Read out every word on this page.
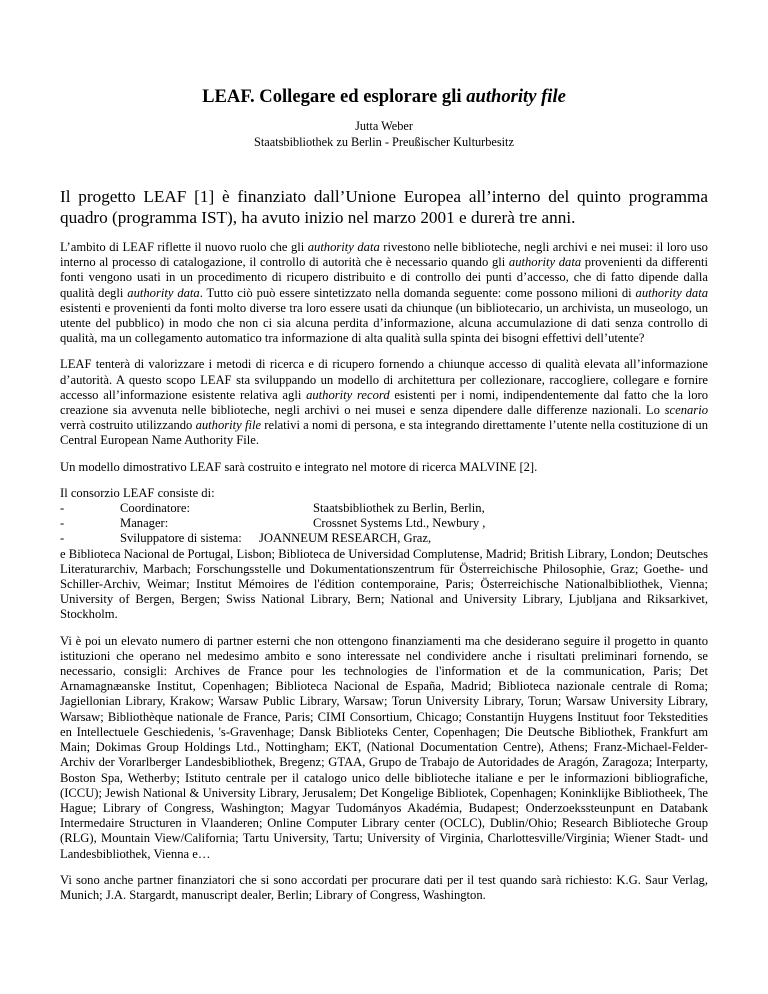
LEAF. Collegare ed esplorare gli authority file
Jutta Weber
Staatsbibliothek zu Berlin - Preußischer Kulturbesitz

Il progetto LEAF [1] è finanziato dall’Unione Europea all’interno del quinto programma quadro (programma IST), ha avuto inizio nel marzo 2001 e durerà tre anni.

L’ambito di LEAF riflette il nuovo ruolo che gli authority data rivestono nelle biblioteche, negli archivi e nei musei: il loro uso interno al processo di catalogazione, il controllo di autorità che è necessario quando gli authority data provenienti da differenti fonti vengono usati in un procedimento di ricupero distribuito e di controllo dei punti d’accesso, che di fatto dipende dalla qualità degli authority data. Tutto ciò può essere sintetizzato nella domanda seguente: come possono milioni di authority data esistenti e provenienti da fonti molto diverse tra loro essere usati da chiunque (un bibliotecario, un archivista, un museologo, un utente del pubblico) in modo che non ci sia alcuna perdita d’informazione, alcuna accumulazione di dati senza controllo di qualità, ma un collegamento automatico tra informazione di alta qualità sulla spinta dei bisogni effettivi dell’utente?

LEAF tenterà di valorizzare i metodi di ricerca e di ricupero fornendo a chiunque accesso di qualità elevata all’informazione d’autorità. A questo scopo LEAF sta sviluppando un modello di architettura per collezionare, raccogliere, collegare e fornire accesso all’informazione esistente relativa agli authority record esistenti per i nomi, indipendentemente dal fatto che la loro creazione sia avvenuta nelle biblioteche, negli archivi o nei musei e senza dipendere dalle differenze nazionali. Lo scenario verrà costruito utilizzando authority file relativi a nomi di persona, e sta integrando direttamente l’utente nella costituzione di un Central European Name Authority File.

Un modello dimostrativo LEAF sarà costruito e integrato nel motore di ricerca MALVINE [2].

Il consorzio LEAF consiste di:
-	Coordinatore:	Staatsbibliothek zu Berlin, Berlin,
-	Manager:	Crossnet Systems Ltd., Newbury ,
-	Sviluppatore di sistema:	JOANNEUM RESEARCH, Graz,

e Biblioteca Nacional de Portugal, Lisbon; Biblioteca de Universidad Complutense, Madrid; British Library, London; Deutsches Literaturarchiv, Marbach; Forschungsstelle und Dokumentationszentrum für Österreichische Philosophie, Graz; Goethe- und Schiller-Archiv, Weimar; Institut Mémoires de l'édition contemporaine, Paris; Österreichische Nationalbibliothek, Vienna; University of Bergen, Bergen; Swiss National Library, Bern; National and University Library, Ljubljana and Riksarkivet, Stockholm.

Vi è poi un elevato numero di partner esterni che non ottengono finanziamenti ma che desiderano seguire il progetto in quanto istituzioni che operano nel medesimo ambito e sono interessate nel condividere anche i risultati preliminari fornendo, se necessario, consigli: Archives de France pour les technologies de l'information et de la communication, Paris; Det Arnamagnæanske Institut, Copenhagen; Biblioteca Nacional de España, Madrid; Biblioteca nazionale centrale di Roma; Jagiellonian Library, Krakow; Warsaw Public Library, Warsaw; Torun University Library, Torun; Warsaw University Library, Warsaw; Bibliothèque nationale de France, Paris; CIMI Consortium, Chicago; Constantijn Huygens Instituut foor Tekstedities en Intellectuele Geschiedenis, 's-Gravenhage; Dansk Biblioteks Center, Copenhagen; Die Deutsche Bibliothek, Frankfurt am Main; Dokimas Group Holdings Ltd., Nottingham; EKT, (National Documentation Centre), Athens; Franz-Michael-Felder-Archiv der Vorarlberger Landesbibliothek, Bregenz; GTAA, Grupo de Trabajo de Autoridades de Aragón, Zaragoza; Interparty, Boston Spa, Wetherby; Istituto centrale per il catalogo unico delle biblioteche italiane e per le informazioni bibliografiche, (ICCU); Jewish National & University Library, Jerusalem; Det Kongelige Bibliotek, Copenhagen; Koninklijke Bibliotheek, The Hague; Library of Congress, Washington; Magyar Tudományos Akadémia, Budapest; Onderzoekssteunpunt en Databank Intermedaire Structuren in Vlaanderen; Online Computer Library center (OCLC), Dublin/Ohio; Research Biblioteche Group (RLG), Mountain View/California; Tartu University, Tartu; University of Virginia, Charlottesville/Virginia; Wiener Stadt- und Landesbibliothek, Vienna e…

Vi sono anche partner finanziatori che si sono accordati per procurare dati per il test quando sarà richiesto: K.G. Saur Verlag, Munich; J.A. Stargardt, manuscript dealer, Berlin; Library of Congress, Washington.
